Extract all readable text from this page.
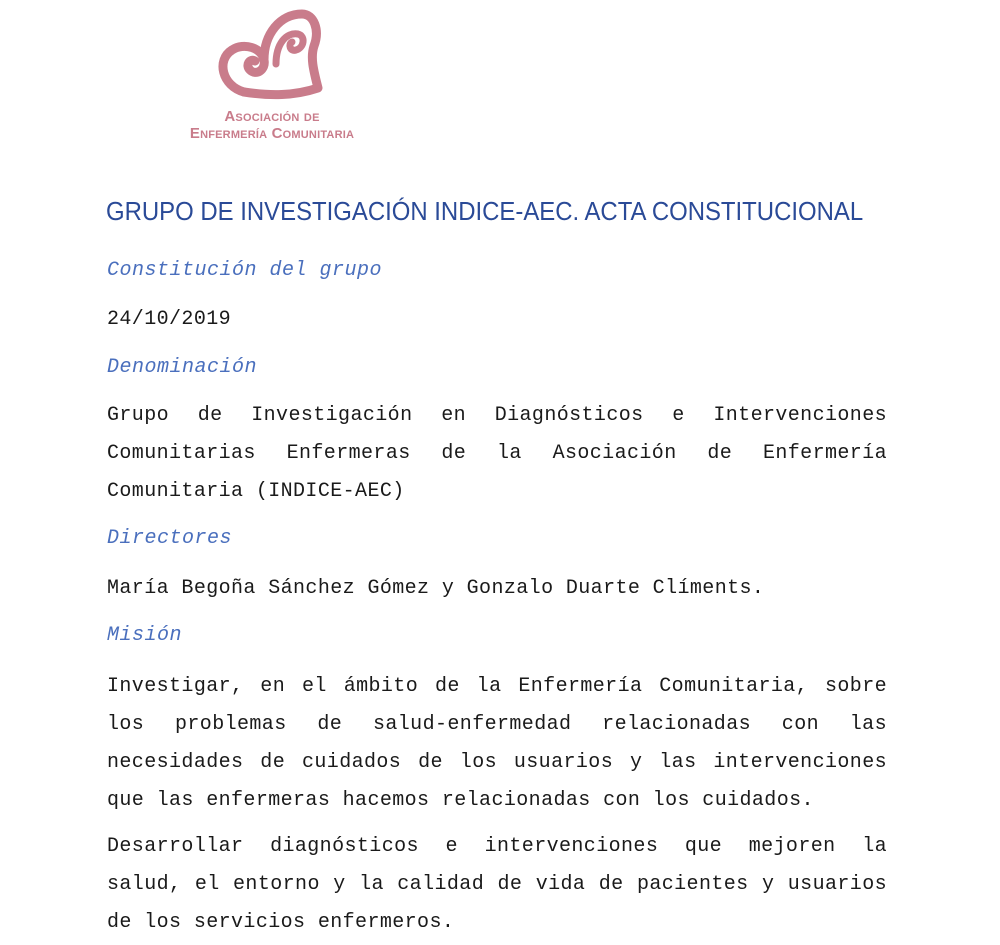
Asociación de
Enfermería Comunitaria
GRUPO DE INVESTIGACIÓN INDICE-AEC. ACTA CONSTITUCIONAL
Constitución del grupo

24/10/2019

Denominación

Grupo de Investigación en Diagnósticos e Intervenciones Comunitarias Enfermeras de la Asociación de Enfermería Comunitaria (INDICE-AEC)

Directores

María Begoña Sánchez Gómez y Gonzalo Duarte Clíments.

Misión

Investigar, en el ámbito de la Enfermería Comunitaria, sobre los problemas de salud-enfermedad relacionadas con las necesidades de cuidados de los usuarios y las intervenciones que las enfermeras hacemos relacionadas con los cuidados.

Desarrollar diagnósticos e intervenciones que mejoren la salud, el entorno y la calidad de vida de pacientes y usuarios de los servicios enfermeros.
